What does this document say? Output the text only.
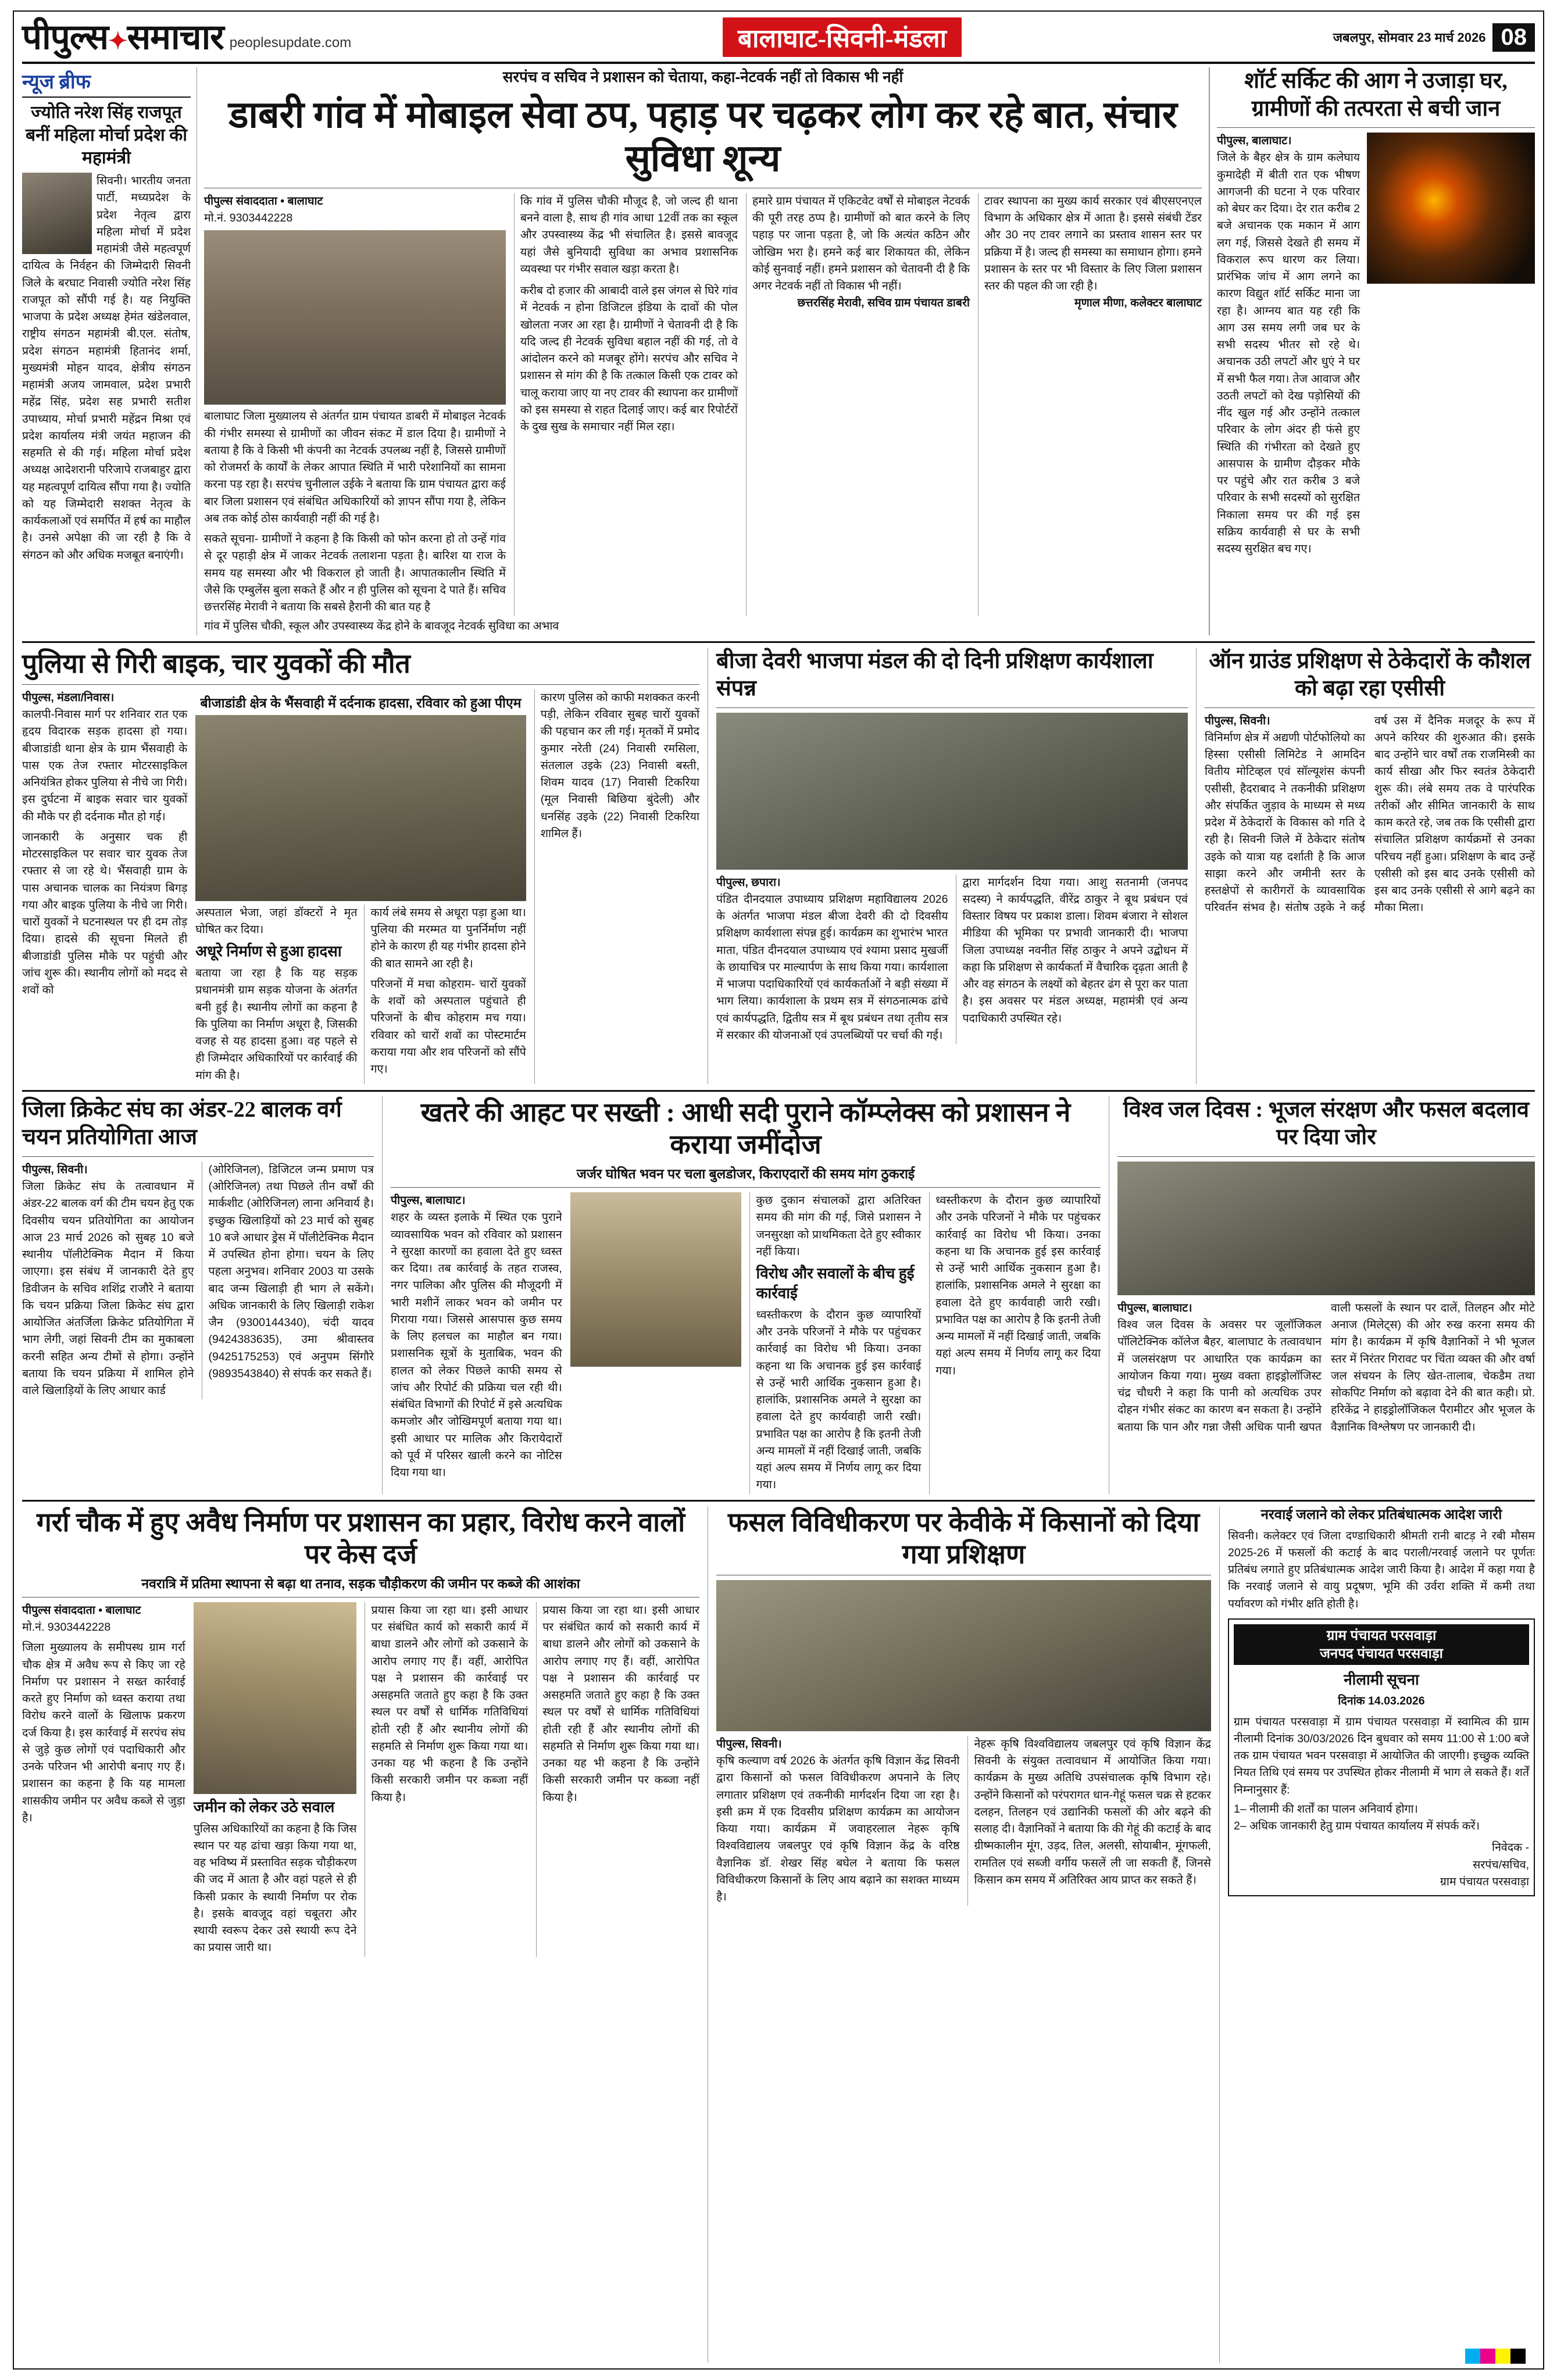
पीपुल्स✦समाचार peoplesupdate.com	बालाघाट-सिवनी-मंडला	जबलपुर, सोमवार 23 मार्च 2026 08
न्यूज ब्रीफ
ज्योति नरेश सिंह राजपूत बनीं महिला मोर्चा प्रदेश की महामंत्री
सिवनी। भारतीय जनता पार्टी, मध्यप्रदेश के प्रदेश नेतृत्व द्वारा महिला मोर्चा में प्रदेश महामंत्री जैसे महत्वपूर्ण दायित्व के निर्वहन की जिम्मेदारी सिवनी जिले के बरघाट निवासी ज्योति नरेश सिंह राजपूत को सौंपी गई है। यह नियुक्ति भाजपा के प्रदेश अध्यक्ष हेमंत खंडेलवाल, राष्ट्रीय संगठन महामंत्री बी.एल. संतोष, प्रदेश संगठन महामंत्री हितानंद शर्मा, मुख्यमंत्री मोहन यादव, क्षेत्रीय संगठन महामंत्री अजय जामवाल, प्रदेश प्रभारी महेंद्र सिंह, प्रदेश सह प्रभारी सतीश उपाध्याय, मोर्चा प्रभारी महेंद्रन मिश्रा एवं प्रदेश कार्यालय मंत्री जयंत महाजन की सहमति से की गई। महिला मोर्चा प्रदेश अध्यक्ष आदेशरानी परिजापे राजबाहुर द्वारा यह महत्वपूर्ण दायित्व सौंपा गया है। ज्योति को यह जिम्मेदारी सशक्त नेतृत्व के कार्यकलाओं एवं समर्पित में हर्ष का माहौल है। उनसे अपेक्षा की जा रही है कि वे संगठन को और अधिक मजबूत बनाएंगी।
सरपंच व सचिव ने प्रशासन को चेताया, कहा-नेटवर्क नहीं तो विकास भी नहीं
डाबरी गांव में मोबाइल सेवा ठप, पहाड़ पर चढ़कर लोग कर रहे बात, संचार सुविधा शून्य
पीपुल्स संवाददाता • बालाघाट
मो.नं. 9303442228
बालाघाट जिला मुख्यालय से अंतर्गत ग्राम पंचायत डाबरी में मोबाइल नेटवर्क की गंभीर समस्या से ग्रामीणों का जीवन संकट में डाल दिया है। ग्रामीणों ने बताया है कि वे किसी भी कंपनी का नेटवर्क उपलब्ध नहीं है, जिससे ग्रामीणों को रोजमर्रा के कार्यों के लेकर आपात स्थिति में भारी परेशानियों का सामना करना पड़ रहा है। सरपंच चुनीलाल उईके ने बताया कि ग्राम पंचायत द्वारा कई बार जिला प्रशासन एवं संबंधित अधिकारियों को ज्ञापन सौंपा गया है, लेकिन अब तक कोई ठोस कार्यवाही नहीं की गई है।
सकते सूचना- ग्रामीणों ने कहना है कि किसी को फोन करना हो तो उन्हें गांव से दूर पहाड़ी क्षेत्र में जाकर नेटवर्क तलाशना पड़ता है। बारिश या राज के समय यह समस्या और भी विकराल हो जाती है। आपातकालीन स्थिति में जैसे कि एम्बुलेंस बुला सकते हैं और न ही पुलिस को सूचना दे पाते हैं। सचिव छत्तरसिंह मेरावी ने बताया कि सबसे हैरानी की बात यह है
कि गांव में पुलिस चौकी मौजूद है, जो जल्द ही थाना बनने वाला है, साथ ही गांव आधा 12वीं तक का स्कूल और उपस्वास्थ्य केंद्र भी संचालित है। इससे बावजूद यहां जैसे बुनियादी सुविधा का अभाव प्रशासनिक व्यवस्था पर गंभीर सवाल खड़ा करता है।
करीब दो हजार की आबादी वाले इस जंगल से घिरे गांव में नेटवर्क न होना डिजिटल इंडिया के दावों की पोल खोलता नजर आ रहा है। ग्रामीणों ने चेतावनी दी है कि यदि जल्द ही नेटवर्क सुविधा बहाल नहीं की गई, तो वे आंदोलन करने को मजबूर होंगे। सरपंच और सचिव ने प्रशासन से मांग की है कि तत्काल किसी एक टावर को चालू कराया जाए या नए टावर की स्थापना कर ग्रामीणों को इस समस्या से राहत दिलाई जाए। कई बार रिपोर्टरों के दुख सुख के समाचार नहीं मिल रहा।
हमारे ग्राम पंचायत में एकिटवेट वर्षों से मोबाइल नेटवर्क की पूरी तरह ठप्प है। ग्रामीणों को बात करने के लिए पहाड़ पर जाना पड़ता है, जो कि अत्यंत कठिन और जोखिम भरा है। हमने कई बार शिकायत की, लेकिन कोई सुनवाई नहीं। हमने प्रशासन को चेतावनी दी है कि अगर नेटवर्क नहीं तो विकास भी नहीं।
छत्तरसिंह मेरावी, सचिव ग्राम पंचायत डाबरी
टावर स्थापना का मुख्य कार्य सरकार एवं बीएसएनएल विभाग के अधिकार क्षेत्र में आता है। इससे संबंधी टेंडर और 30 नए टावर लगाने का प्रस्ताव शासन स्तर पर प्रक्रिया में है। जल्द ही समस्या का समाधान होगा। हमने प्रशासन के स्तर पर भी विस्तार के लिए जिला प्रशासन स्तर की पहल की जा रही है।
मृणाल मीणा, कलेक्टर बालाघाट
गांव में पुलिस चौकी, स्कूल और उपस्वास्थ्य केंद्र होने के बावजूद नेटवर्क सुविधा का अभाव
शॉर्ट सर्किट की आग ने उजाड़ा घर, ग्रामीणों की तत्परता से बची जान
पीपुल्स, बालाघाट।
जिले के बैहर क्षेत्र के ग्राम कलेघाय कुमादेही में बीती रात एक भीषण आगजनी की घटना ने एक परिवार को बेघर कर दिया। देर रात करीब 2 बजे अचानक एक मकान में आग लग गई, जिससे देखते ही समय में विकराल रूप धारण कर लिया। प्रारंभिक जांच में आग लगने का कारण विद्युत शॉर्ट सर्किट माना जा रहा है। आग्नय बात यह रही कि आग उस समय लगी जब घर के सभी सदस्य भीतर सो रहे थे। अचानक उठी लपटों और धुएं ने घर में सभी फैल गया। तेज आवाज और उठती लपटों को देख पड़ोसियों की नींद खुल गई और उन्होंने तत्काल परिवार के लोग अंदर ही फंसे हुए स्थिति की गंभीरता को देखते हुए आसपास के ग्रामीण दौड़कर मौके पर पहुंचे और रात करीब 3 बजे परिवार के सभी सदस्यों को सुरक्षित निकाला समय पर की गई इस सक्रिय कार्यवाही से घर के सभी सदस्य सुरक्षित बच गए।
पुलिया से गिरी बाइक, चार युवकों की मौत
पीपुल्स, मंडला/निवास।
कालपी-निवास मार्ग पर शनिवार रात एक हृदय विदारक सड़क हादसा हो गया। बीजाडांडी थाना क्षेत्र के ग्राम भैंसवाही के पास एक तेज रफ्तार मोटरसाइकिल अनियंत्रित होकर पुलिया से नीचे जा गिरी। इस दुर्घटना में बाइक सवार चार युवकों की मौके पर ही दर्दनाक मौत हो गई।
जानकारी के अनुसार चक ही मोटरसाइकिल पर सवार चार युवक तेज रफ्तार से जा रहे थे। भैंसवाही ग्राम के पास अचानक चालक का नियंत्रण बिगड़ गया और बाइक पुलिया के नीचे जा गिरी। चारों युवकों ने घटनास्थल पर ही दम तोड़ दिया। हादसे की सूचना मिलते ही बीजाडांडी पुलिस मौके पर पहुंची और जांच शुरू की। स्थानीय लोगों को मदद से शवों को
बीजाडांडी क्षेत्र के भैंसवाही में दर्दनाक हादसा, रविवार को हुआ पीएम
अस्पताल भेजा, जहां डॉक्टरों ने मृत घोषित कर दिया।
अधूरे निर्माण से हुआ हादसा
बताया जा रहा है कि यह सड़क प्रधानमंत्री ग्राम सड़क योजना के अंतर्गत बनी हुई है। स्थानीय लोगों का कहना है कि पुलिया का निर्माण अधूरा है, जिसकी वजह से यह हादसा हुआ। वह पहले से ही जिम्मेदार अधिकारियों पर कार्रवाई की मांग की है।
कार्य लंबे समय से अधूरा पड़ा हुआ था। पुलिया की मरम्मत या पुनर्निर्माण नहीं होने के कारण ही यह गंभीर हादसा होने की बात सामने आ रही है।
परिजनों में मचा कोहराम- चारों युवकों के शवों को अस्पताल पहुंचाते ही परिजनों के बीच कोहराम मच गया। रविवार को चारों शवों का पोस्टमार्टम कराया गया और शव परिजनों को सौंपे गए।
कारण पुलिस को काफी मशक्कत करनी पड़ी, लेकिन रविवार सुबह चारों युवकों की पहचान कर ली गई। मृतकों में प्रमोद कुमार नरेती (24) निवासी रमसिला, संतलाल उइके (23) निवासी बस्ती, शिवम यादव (17) निवासी टिकरिया (मूल निवासी बिछिया बुंदेली) और धनसिंह उइके (22) निवासी टिकरिया शामिल हैं।
बीजा देवरी भाजपा मंडल की दो दिनी प्रशिक्षण कार्यशाला संपन्न
पीपुल्स, छपारा।
पंडित दीनदयाल उपाध्याय प्रशिक्षण महाविद्यालय 2026 के अंतर्गत भाजपा मंडल बीजा देवरी की दो दिवसीय प्रशिक्षण कार्यशाला संपन्न हुई। कार्यक्रम का शुभारंभ भारत माता, पंडित दीनदयाल उपाध्याय एवं श्यामा प्रसाद मुखर्जी के छायाचित्र पर माल्यार्पण के साथ किया गया। कार्यशाला में भाजपा पदाधिकारियों एवं कार्यकर्ताओं ने बड़ी संख्या में भाग लिया। कार्यशाला के प्रथम सत्र में संगठनात्मक ढांचे एवं कार्यपद्धति, द्वितीय सत्र में बूथ प्रबंधन तथा तृतीय सत्र में सरकार की योजनाओं एवं उपलब्धियों पर चर्चा की गई।
द्वारा मार्गदर्शन दिया गया। आशु सतनामी (जनपद सदस्य) ने कार्यपद्धति, वीरेंद्र ठाकुर ने बूथ प्रबंधन एवं विस्तार विषय पर प्रकाश डाला। शिवम बंजारा ने सोशल मीडिया की भूमिका पर प्रभावी जानकारी दी। भाजपा जिला उपाध्यक्ष नवनीत सिंह ठाकुर ने अपने उद्बोधन में कहा कि प्रशिक्षण से कार्यकर्ता में वैचारिक दृढ़ता आती है और वह संगठन के लक्ष्यों को बेहतर ढंग से पूरा कर पाता है। इस अवसर पर मंडल अध्यक्ष, महामंत्री एवं अन्य पदाधिकारी उपस्थित रहे।
ऑन ग्राउंड प्रशिक्षण से ठेकेदारों के कौशल को बढ़ा रहा एसीसी
पीपुल्स, सिवनी।
विनिर्माण क्षेत्र में अद्यणी पोर्टफोलियो का हिस्सा एसीसी लिमिटेड ने आमदिन वितीय मोटिव्हल एवं सॉल्यूशंस कंपनी एसीसी, हैदराबाद ने तकनीकी प्रशिक्षण और संपर्कित जुड़ाव के माध्यम से मध्य प्रदेश में ठेकेदारों के विकास को गति दे रही है। सिवनी जिले में ठेकेदार संतोष उइके को यात्रा यह दर्शाती है कि आज साझा करने और जमीनी स्तर के हस्तक्षेपों से कारीगरों के व्यावसायिक परिवर्तन संभव है। संतोष उइके ने कई वर्ष उस में दैनिक मजदूर के रूप में अपने करियर की शुरुआत की। इसके बाद उन्होंने चार वर्षों तक राजमिस्त्री का कार्य सीखा और फिर स्वतंत्र ठेकेदारी शुरू की। लंबे समय तक वे पारंपरिक तरीकों और सीमित जानकारी के साथ काम करते रहे, जब तक कि एसीसी द्वारा संचालित प्रशिक्षण कार्यक्रमों से उनका परिचय नहीं हुआ। प्रशिक्षण के बाद उन्हें एसीसी को इस बाद उनके एसीसी को इस बाद उनके एसीसी से आगे बढ़ने का मौका मिला।
जिला क्रिकेट संघ का अंडर-22 बालक वर्ग चयन प्रतियोगिता आज
पीपुल्स, सिवनी।
जिला क्रिकेट संघ के तत्वावधान में अंडर-22 बालक वर्ग की टीम चयन हेतु एक दिवसीय चयन प्रतियोगिता का आयोजन आज 23 मार्च 2026 को सुबह 10 बजे स्थानीय पॉलीटेक्निक मैदान में किया जाएगा। इस संबंध में जानकारी देते हुए डिवीजन के सचिव शशिंद्र राजौरे ने बताया कि चयन प्रक्रिया जिला क्रिकेट संघ द्वारा आयोजित अंतर्जिला क्रिकेट प्रतियोगिता में भाग लेगी, जहां सिवनी टीम का मुकाबला करनी सहित अन्य टीमों से होगा। उन्होंने बताया कि चयन प्रक्रिया में शामिल होने वाले खिलाड़ियों के लिए आधार कार्ड
(ओरिजिनल), डिजिटल जन्म प्रमाण पत्र (ओरिजिनल) तथा पिछले तीन वर्षों की मार्कशीट (ओरिजिनल) लाना अनिवार्य है। इच्छुक खिलाड़ियों को 23 मार्च को सुबह 10 बजे आधार ड्रेस में पॉलीटेक्निक मैदान में उपस्थित होना होगा। चयन के लिए पहला अनुभव। शनिवार 2003 या उसके बाद जन्म खिलाड़ी ही भाग ले सकेंगे। अधिक जानकारी के लिए खिलाड़ी राकेश जैन (9300144340), चंदी यादव (9424383635), उमा श्रीवास्तव (9425175253) एवं अनुपम सिंगौरे (9893543840) से संपर्क कर सकते हैं।
खतरे की आहट पर सख्ती : आधी सदी पुराने कॉम्प्लेक्स को प्रशासन ने कराया जमींदोज
जर्जर घोषित भवन पर चला बुलडोजर, किराएदारों की समय मांग ठुकराई
पीपुल्स, बालाघाट।
शहर के व्यस्त इलाके में स्थित एक पुराने व्यावसायिक भवन को रविवार को प्रशासन ने सुरक्षा कारणों का हवाला देते हुए ध्वस्त कर दिया। तब कार्रवाई के तहत राजस्व, नगर पालिका और पुलिस की मौजूदगी में भारी मशीनें लाकर भवन को जमीन पर गिराया गया। जिससे आसपास कुछ समय के लिए हलचल का माहौल बन गया। प्रशासनिक सूत्रों के मुताबिक, भवन की हालत को लेकर पिछले काफी समय से जांच और रिपोर्ट की प्रक्रिया चल रही थी। संबंधित विभागों की रिपोर्ट में इसे अत्यधिक कमजोर और जोखिमपूर्ण बताया गया था। इसी आधार पर मालिक और किरायेदारों को पूर्व में परिसर खाली करने का नोटिस दिया गया था।
कुछ दुकान संचालकों द्वारा अतिरिक्त समय की मांग की गई, जिसे प्रशासन ने जनसुरक्षा को प्राथमिकता देते हुए स्वीकार नहीं किया।
विरोध और सवालों के बीच हुई कार्रवाई
ध्वस्तीकरण के दौरान कुछ व्यापारियों और उनके परिजनों ने मौके पर पहुंचकर कार्रवाई का विरोध भी किया। उनका कहना था कि अचानक हुई इस कार्रवाई से उन्हें भारी आर्थिक नुकसान हुआ है। हालांकि, प्रशासनिक अमले ने सुरक्षा का हवाला देते हुए कार्यवाही जारी रखी। प्रभावित पक्ष का आरोप है कि इतनी तेजी अन्य मामलों में नहीं दिखाई जाती, जबकि यहां अल्प समय में निर्णय लागू कर दिया गया।
ध्वस्तीकरण के दौरान कुछ व्यापारियों और उनके परिजनों ने मौके पर पहुंचकर कार्रवाई का विरोध भी किया। उनका कहना था कि अचानक हुई इस कार्रवाई से उन्हें भारी आर्थिक नुकसान हुआ है। हालांकि, प्रशासनिक अमले ने सुरक्षा का हवाला देते हुए कार्यवाही जारी रखी। प्रभावित पक्ष का आरोप है कि इतनी तेजी अन्य मामलों में नहीं दिखाई जाती, जबकि यहां अल्प समय में निर्णय लागू कर दिया गया।
विश्व जल दिवस : भूजल संरक्षण और फसल बदलाव पर दिया जोर
पीपुल्स, बालाघाट।
विश्व जल दिवस के अवसर पर जूलॉजिकल पॉलिटेक्निक कॉलेज बैहर, बालाघाट के तत्वावधान में जलसंरक्षण पर आधारित एक कार्यक्रम का आयोजन किया गया। मुख्य वक्ता हाइड्रोलॉजिस्ट चंद्र चौधरी ने कहा कि पानी को अत्यधिक उपर दोहन गंभीर संकट का कारण बन सकता है। उन्होंने बताया कि पान और गन्ना जैसी अधिक पानी खपत वाली फसलों के स्थान पर दालें, तिलहन और मोटे अनाज (मिलेट्स) की ओर रुख करना समय की मांग है। कार्यक्रम में कृषि वैज्ञानिकों ने भी भूजल स्तर में निरंतर गिरावट पर चिंता व्यक्त की और वर्षा जल संचयन के लिए खेत-तालाब, चेकडैम तथा सोकपिट निर्माण को बढ़ावा देने की बात कही। प्रो. हरिकेंद्र ने हाइड्रोलॉजिकल पैरामीटर और भूजल के वैज्ञानिक विश्लेषण पर जानकारी दी।
गर्रा चौक में हुए अवैध निर्माण पर प्रशासन का प्रहार, विरोध करने वालों पर केस दर्ज
नवरात्रि में प्रतिमा स्थापना से बढ़ा था तनाव, सड़क चौड़ीकरण की जमीन पर कब्जे की आशंका
पीपुल्स संवाददाता • बालाघाट
मो.नं. 9303442228
जिला मुख्यालय के समीपस्थ ग्राम गर्रा चौक क्षेत्र में अवैध रूप से किए जा रहे निर्माण पर प्रशासन ने सख्त कार्रवाई करते हुए निर्माण को ध्वस्त कराया तथा विरोध करने वालों के खिलाफ प्रकरण दर्ज किया है। इस कार्रवाई में सरपंच संघ से जुड़े कुछ लोगों एवं पदाधिकारी और उनके परिजन भी आरोपी बनाए गए हैं। प्रशासन का कहना है कि यह मामला शासकीय जमीन पर अवैध कब्जे से जुड़ा है।
जमीन को लेकर उठे सवाल
पुलिस अधिकारियों का कहना है कि जिस स्थान पर यह ढांचा खड़ा किया गया था, वह भविष्य में प्रस्तावित सड़क चौड़ीकरण की जद में आता है और वहां पहले से ही किसी प्रकार के स्थायी निर्माण पर रोक है। इसके बावजूद वहां चबूतरा और स्थायी स्वरूप देकर उसे स्थायी रूप देने का प्रयास जारी था।
प्रयास किया जा रहा था। इसी आधार पर संबंधित कार्य को सकारी कार्य में बाधा डालने और लोगों को उकसाने के आरोप लगाए गए हैं। वहीं, आरोपित पक्ष ने प्रशासन की कार्रवाई पर असहमति जताते हुए कहा है कि उक्त स्थल पर वर्षों से धार्मिक गतिविधियां होती रही हैं और स्थानीय लोगों की सहमति से निर्माण शुरू किया गया था। उनका यह भी कहना है कि उन्होंने किसी सरकारी जमीन पर कब्जा नहीं किया है।
प्रयास किया जा रहा था। इसी आधार पर संबंधित कार्य को सकारी कार्य में बाधा डालने और लोगों को उकसाने के आरोप लगाए गए हैं। वहीं, आरोपित पक्ष ने प्रशासन की कार्रवाई पर असहमति जताते हुए कहा है कि उक्त स्थल पर वर्षों से धार्मिक गतिविधियां होती रही हैं और स्थानीय लोगों की सहमति से निर्माण शुरू किया गया था। उनका यह भी कहना है कि उन्होंने किसी सरकारी जमीन पर कब्जा नहीं किया है।
फसल विविधीकरण पर केवीके में किसानों को दिया गया प्रशिक्षण
पीपुल्स, सिवनी।
कृषि कल्याण वर्ष 2026 के अंतर्गत कृषि विज्ञान केंद्र सिवनी द्वारा किसानों को फसल विविधीकरण अपनाने के लिए लगातार प्रशिक्षण एवं तकनीकी मार्गदर्शन दिया जा रहा है। इसी क्रम में एक दिवसीय प्रशिक्षण कार्यक्रम का आयोजन किया गया। कार्यक्रम में जवाहरलाल नेहरू कृषि विश्वविद्यालय जबलपुर एवं कृषि विज्ञान केंद्र के वरिष्ठ वैज्ञानिक डॉ. शेखर सिंह बघेल ने बताया कि फसल विविधीकरण किसानों के लिए आय बढ़ाने का सशक्त माध्यम है।
नेहरू कृषि विश्वविद्यालय जबलपुर एवं कृषि विज्ञान केंद्र सिवनी के संयुक्त तत्वावधान में आयोजित किया गया। कार्यक्रम के मुख्य अतिथि उपसंचालक कृषि विभाग रहे। उन्होंने किसानों को परंपरागत धान-गेहूं फसल चक्र से हटकर दलहन, तिलहन एवं उद्यानिकी फसलों की ओर बढ़ने की सलाह दी। वैज्ञानिकों ने बताया कि की गेहूं की कटाई के बाद ग्रीष्मकालीन मूंग, उड़द, तिल, अलसी, सोयाबीन, मूंगफली, रामतिल एवं सब्जी वर्गीय फसलें ली जा सकती हैं, जिनसे किसान कम समय में अतिरिक्त आय प्राप्त कर सकते हैं।
नरवाई जलाने को लेकर प्रतिबंधात्मक आदेश जारी
सिवनी। कलेक्टर एवं जिला दण्डाधिकारी श्रीमती रानी बाटड़ ने रबी मौसम 2025-26 में फसलों की कटाई के बाद पराली/नरवाई जलाने पर पूर्णतः प्रतिबंध लगाते हुए प्रतिबंधात्मक आदेश जारी किया है। आदेश में कहा गया है कि नरवाई जलाने से वायु प्रदूषण, भूमि की उर्वरा शक्ति में कमी तथा पर्यावरण को गंभीर क्षति होती है।
ग्राम पंचायत परसवाड़ा
जनपद पंचायत परसवाड़ा
नीलामी सूचना
दिनांक 14.03.2026
ग्राम पंचायत परसवाड़ा में ग्राम पंचायत परसवाड़ा में स्वामित्व की ग्राम नीलामी दिनांक 30/03/2026 दिन बुधवार को समय 11:00 से 1:00 बजे तक ग्राम पंचायत भवन परसवाड़ा में आयोजित की जाएगी। इच्छुक व्यक्ति नियत तिथि एवं समय पर उपस्थित होकर नीलामी में भाग ले सकते हैं। शर्तें निम्नानुसार हैं:
1– नीलामी की शर्तों का पालन अनिवार्य होगा।
2– अधिक जानकारी हेतु ग्राम पंचायत कार्यालय में संपर्क करें।
निवेदक -
सरपंच/सचिव,
ग्राम पंचायत परसवाड़ा
